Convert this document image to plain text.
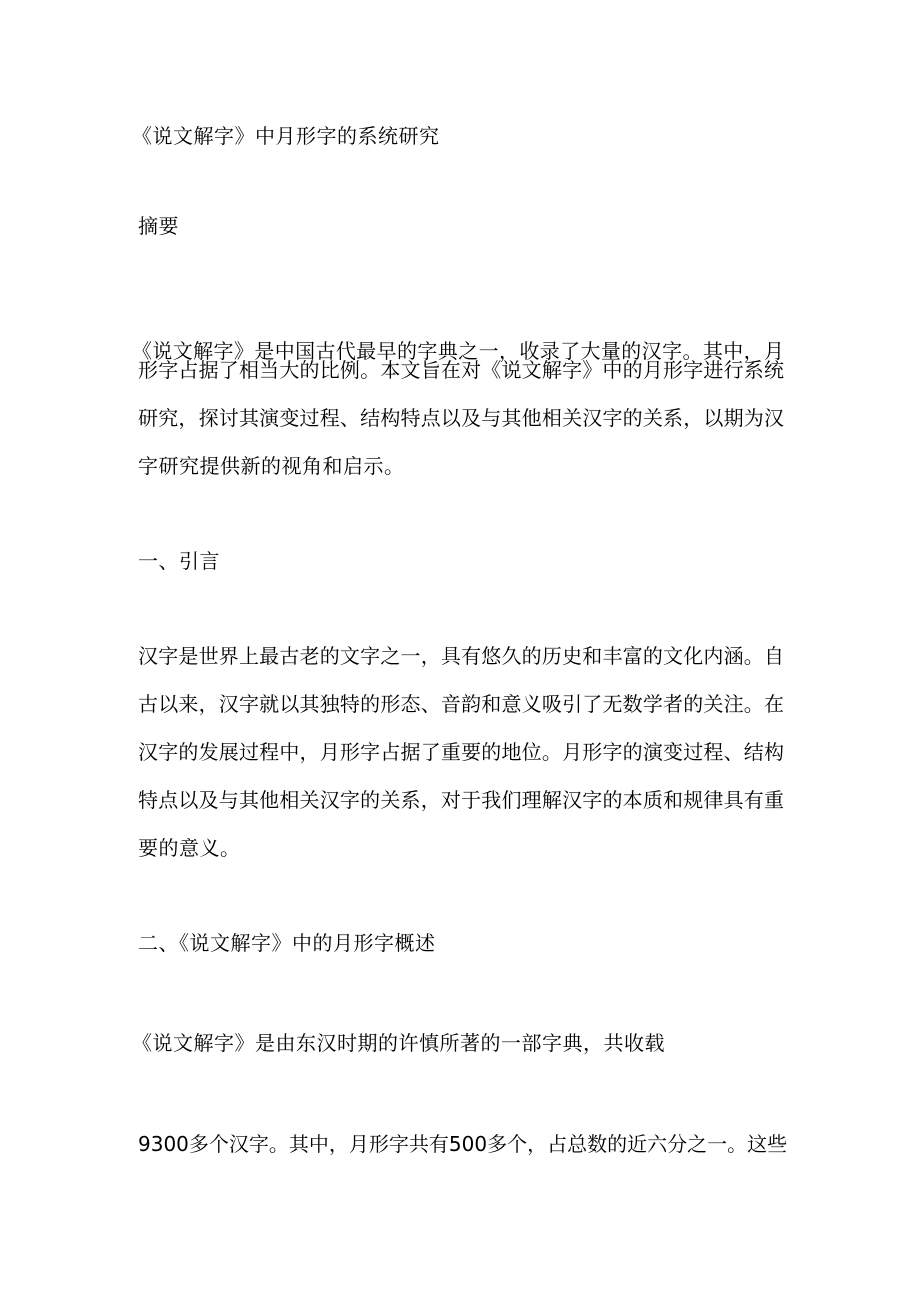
《说文解字》中月形字的系统研究
摘要
《说文解字》是中国古代最早的字典之一，收录了大量的汉字。其中，月
形字占据了相当大的比例。本文旨在对《说文解字》中的月形字进行系统
研究，探讨其演变过程、结构特点以及与其他相关汉字的关系，以期为汉
字研究提供新的视角和启示。
一、引言
汉字是世界上最古老的文字之一，具有悠久的历史和丰富的文化内涵。自
古以来，汉字就以其独特的形态、音韵和意义吸引了无数学者的关注。在
汉字的发展过程中，月形字占据了重要的地位。月形字的演变过程、结构
特点以及与其他相关汉字的关系，对于我们理解汉字的本质和规律具有重
要的意义。
二、《说文解字》中的月形字概述
《说文解字》是由东汉时期的许慎所著的一部字典，共收载
9300多个汉字。其中，月形字共有500多个，占总数的近六分之一。这些
